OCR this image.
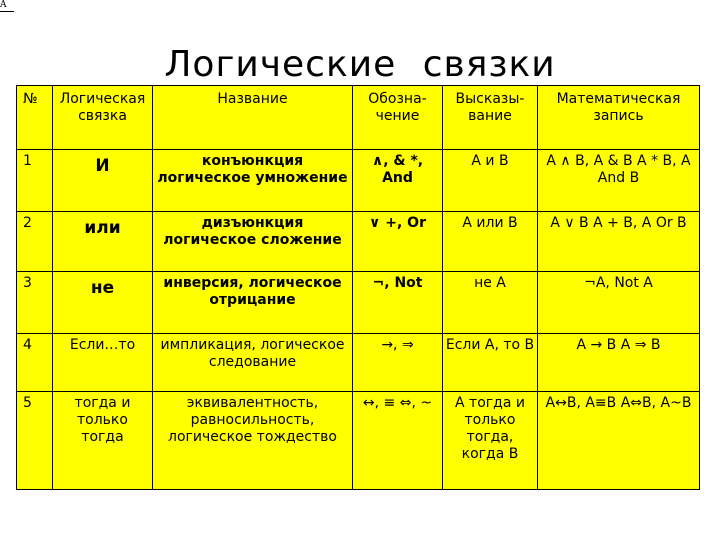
A
Логические связки
№	Логическая связка	Название	Обозна-чение	Высказы-вание	Математическая запись
1	И	конъюнкция логическое умножение	∧, & *, And	А и В	А ∧ В, А & В А * В, А And В
2	или	дизъюнкция логическое сложение	∨ +, Or	А или В	А ∨ В А + В, А Or В
3	не	инверсия, логическое отрицание	¬, Not	не А	¬А, Not А
4	Если…то	импликация, логическое следование	→, ⇒	Если А, то В	А → В А ⇒ В
5	тогда и только тогда	эквивалентность, равносильность, логическое тождество	↔, ≡ ⇔, ~	А тогда и только тогда, когда В	А↔В, А≡В А⇔В, А~В
